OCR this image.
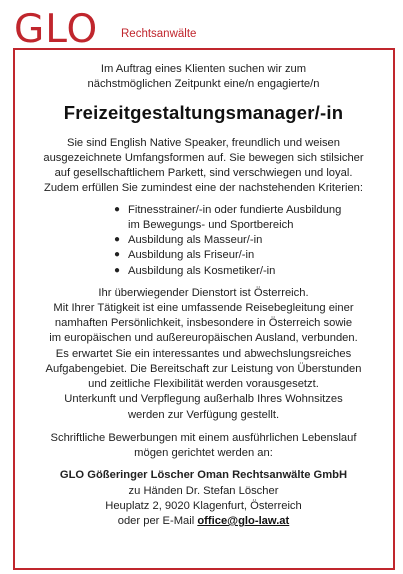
GLO Rechtsanwälte
Im Auftrag eines Klienten suchen wir zum
nächstmöglichen Zeitpunkt eine/n engagierte/n
Freizeitgestaltungsmanager/-in
Sie sind English Native Speaker, freundlich und weisen
ausgezeichnete Umfangsformen auf. Sie bewegen sich stilsicher
auf gesellschaftlichem Parkett, sind verschwiegen und loyal.
Zudem erfüllen Sie zumindest eine der nachstehenden Kriterien:
● Fitnesstrainer/-in oder fundierte Ausbildung
im Bewegungs- und Sportbereich
● Ausbildung als Masseur/-in
● Ausbildung als Friseur/-in
● Ausbildung als Kosmetiker/-in
Ihr überwiegender Dienstort ist Österreich.
Mit Ihrer Tätigkeit ist eine umfassende Reisebegleitung einer
namhaften Persönlichkeit, insbesondere in Österreich sowie
im europäischen und außereuropäischen Ausland, verbunden.
Es erwartet Sie ein interessantes und abwechslungsreiches
Aufgabengebiet. Die Bereitschaft zur Leistung von Überstunden
und zeitliche Flexibilität werden vorausgesetzt.
Unterkunft und Verpflegung außerhalb Ihres Wohnsitzes
werden zur Verfügung gestellt.
Schriftliche Bewerbungen mit einem ausführlichen Lebenslauf
mögen gerichtet werden an:
GLO Gößeringer Löscher Oman Rechtsanwälte GmbH
zu Händen Dr. Stefan Löscher
Heuplatz 2, 9020 Klagenfurt, Österreich
oder per E-Mail office@glo-law.at
